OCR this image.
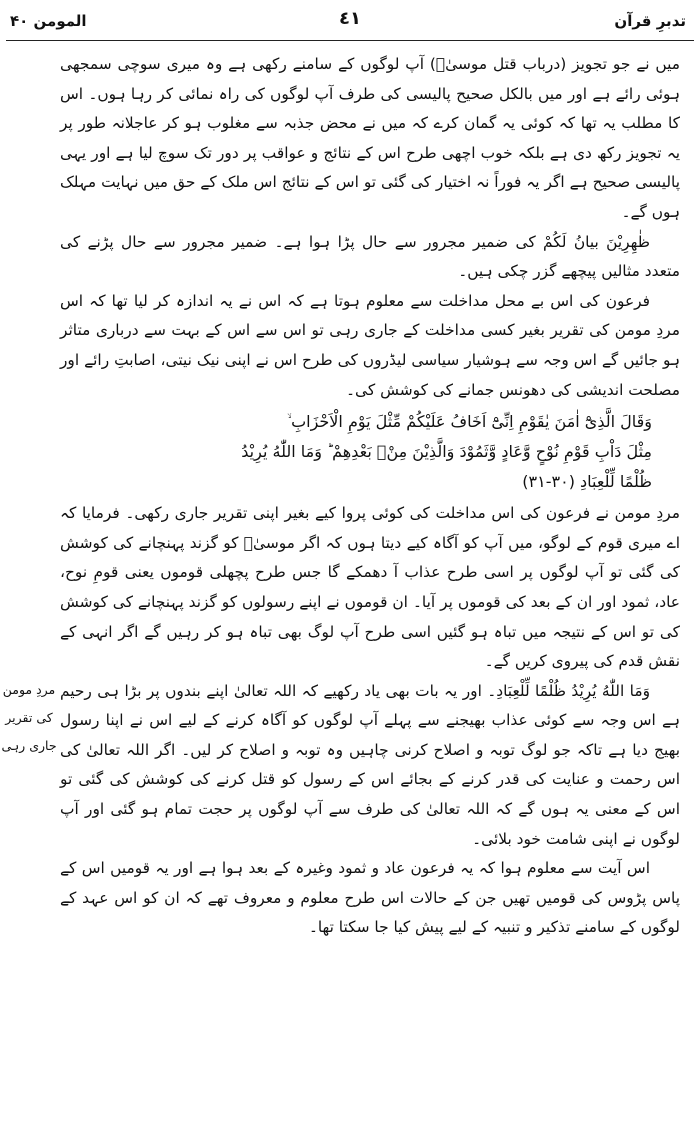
تدبرِ قرآن
٤١
المومن ۴۰

میں نے جو تجویز (درباب قتل موسیٰؑ) آپ لوگوں کے سامنے رکھی ہے وہ میری سوچی سمجھی ہوئی رائے ہے اور میں بالکل صحیح پالیسی کی طرف آپ لوگوں کی راہ نمائی کر رہا ہوں۔ اس کا مطلب یہ تھا کہ کوئی یہ گمان کرے کہ میں نے محض جذبہ سے مغلوب ہو کر عاجلانہ طور پر یہ تجویز رکھ دی ہے بلکہ خوب اچھی طرح اس کے نتائج و عواقب پر دور تک سوچ لیا ہے اور یہی پالیسی صحیح ہے اگر یہ فوراً نہ اختیار کی گئی تو اس کے نتائج اس ملک کے حق میں نہایت مہلک ہوں گے۔

ظٰهِرِیْنَ بیانُ لَكُمْ کی ضمیر مجرور سے حال پڑا ہوا ہے۔ ضمیر مجرور سے حال پڑنے کی متعدد مثالیں پیچھے گزر چکی ہیں۔

فرعون کی اس بے محل مداخلت سے معلوم ہوتا ہے کہ اس نے یہ اندازہ کر لیا تھا کہ اس مردِ مومن کی تقریر بغیر کسی مداخلت کے جاری رہی تو اس سے اس کے بہت سے درباری متاثر ہو جائیں گے اس وجہ سے ہوشیار سیاسی لیڈروں کی طرح اس نے اپنی نیک نیتی، اصابتِ رائے اور مصلحت اندیشی کی دھونس جمانے کی کوشش کی۔

وَقَالَ الَّذِیْٓ اٰمَنَ یٰقَوْمِ اِنِّیْٓ اَخَافُ عَلَیْكُمْ مِّثْلَ یَوْمِ الْاَحْزَابِ ۙ
مِثْلَ دَاْبِ قَوْمِ نُوْحٍ وَّعَادٍ وَّثَمُوْدَ وَالَّذِیْنَ مِنْۢ بَعْدِهِمْ ؕ وَمَا اللّٰهُ یُرِیْدُ
ظُلْمًا لِّلْعِبَادِ (۳۰-۳۱)

مردِ مومن نے فرعون کی اس مداخلت کی کوئی پروا کیے بغیر اپنی تقریر جاری رکھی۔ فرمایا کہ اے میری قوم کے لوگو، میں آپ کو آگاہ کیے دیتا ہوں کہ اگر موسیٰؑ کو گزند پہنچانے کی کوشش کی گئی تو آپ لوگوں پر اسی طرح عذاب آ دھمکے گا جس طرح پچھلی قوموں یعنی قومِ نوح، عاد، ثمود اور ان کے بعد کی قوموں پر آیا۔ ان قوموں نے اپنے رسولوں کو گزند پہنچانے کی کوشش کی تو اس کے نتیجہ میں تباہ ہو گئیں اسی طرح آپ لوگ بھی تباہ ہو کر رہیں گے اگر انہی کے نقش قدم کی پیروی کریں گے۔

وَمَا اللّٰهُ یُرِیْدُ ظُلْمًا لِّلْعِبَادِ۔ اور یہ بات بھی یاد رکھیے کہ اللہ تعالیٰ اپنے بندوں پر بڑا ہی رحیم ہے اس وجہ سے کوئی عذاب بھیجنے سے پہلے آپ لوگوں کو آگاہ کرنے کے لیے اس نے اپنا رسول بھیج دیا ہے تاکہ جو لوگ توبہ و اصلاح کرنی چاہیں وہ توبہ و اصلاح کر لیں۔ اگر اللہ تعالیٰ کی اس رحمت و عنایت کی قدر کرنے کے بجائے اس کے رسول کو قتل کرنے کی کوشش کی گئی تو اس کے معنی یہ ہوں گے کہ اللہ تعالیٰ کی طرف سے آپ لوگوں پر حجت تمام ہو گئی اور آپ لوگوں نے اپنی شامت خود بلائی۔

اس آیت سے معلوم ہوا کہ یہ فرعون عاد و ثمود وغیرہ کے بعد ہوا ہے اور یہ قومیں اس کے پاس پڑوس کی قومیں تھیں جن کے حالات اس طرح معلوم و معروف تھے کہ ان کو اس عہد کے لوگوں کے سامنے تذکیر و تنبیہ کے لیے پیش کیا جا سکتا تھا۔

مردِ مومن کی تقریر جاری رہی
